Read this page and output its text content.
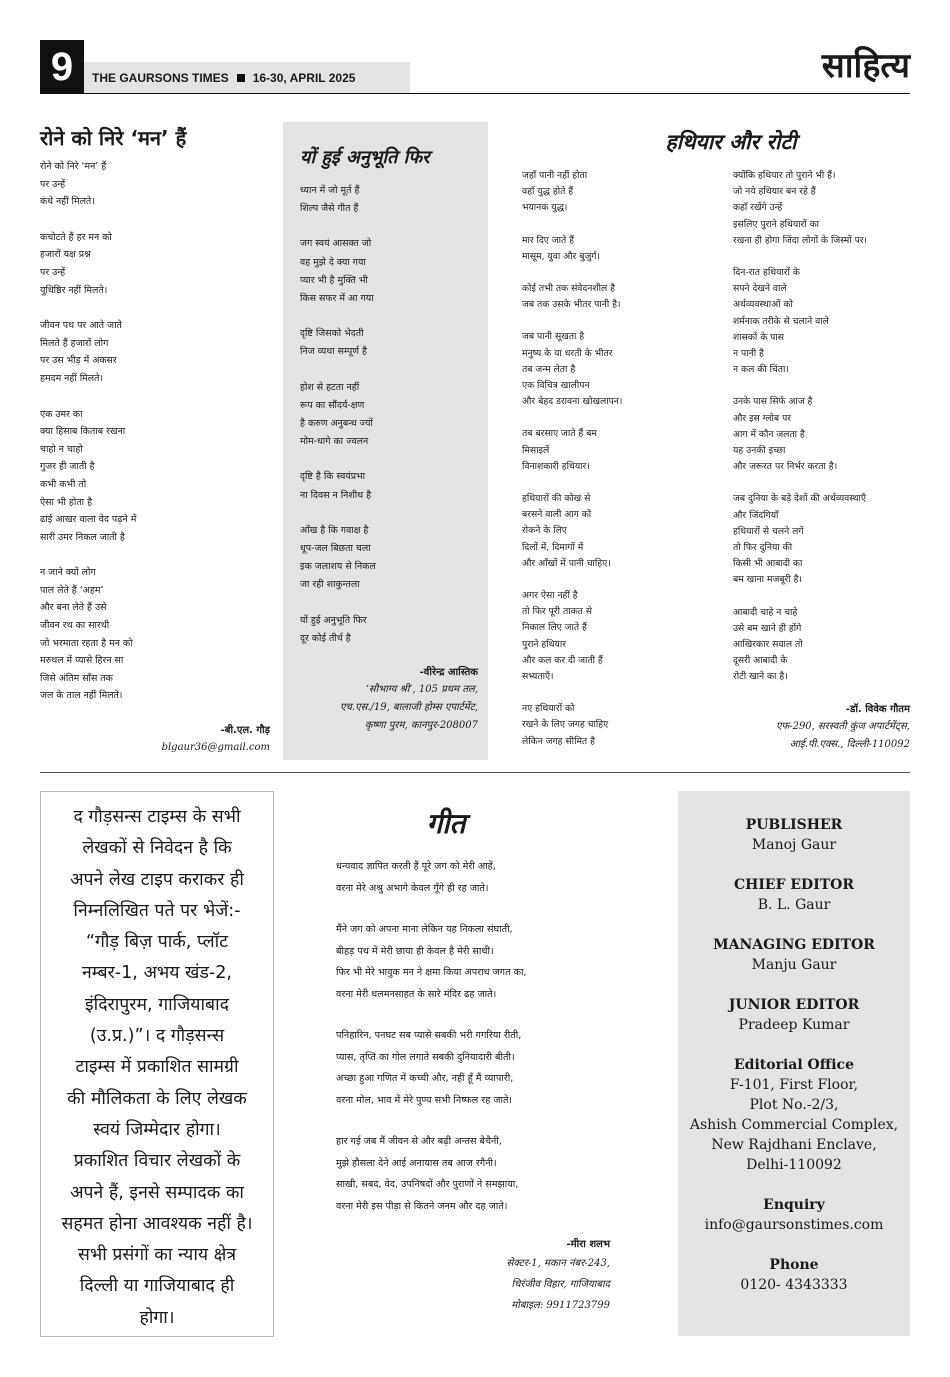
9	THE GAURSONS TIMES 16-30, APRIL 2025	साहित्य
रोने को निरे ‘मन’ हैं
रोने को निरे ‘मन’ हैं
पर उन्हें
कंधे नहीं मिलते।
कचोटते हैं हर मन को
हजारों यक्ष प्रश्न
पर उन्हें
युधिष्ठिर नहीं मिलते।
जीवन पथ पर आते जाते
मिलते हैं हजारों लोग
पर उस भीड़ में अकसर
हमदम नहीं मिलते।
एक उमर का
क्या हिसाब किताब रखना
चाहो न चाहो
गुजर ही जाती है
कभी कभी तो
ऐसा भी होता है
ढाई आखर वाला वेद पढ़ने में
सारी उमर निकल जाती है
न जाने क्यों लोग
पाल लेते हैं ‘अहम’
और बना लेते हैं उसे
जीवन रथ का सारथी
जो भरमाता रहता है मन को
मरुथल में प्यासे हिरन सा
जिसे अंतिम साँस तक
जल के ताल नहीं मिलते।
-बी.एल. गौड़
blgaur36@gmail.com
यों हुई अनुभूति फिर
ध्यान में जो मूर्त हैं
शिल्प जैसे गीत हैं
जग स्वयं आसक्त जो
वह मुझे दे क्या गया
प्यार भी है मुक्ति भी
किस सफर में आ गया
दृष्टि जिसको भेदती
निज व्यथा सम्पूर्ण है
होश से हटता नहीं
रूप का सौंदर्य-क्षण
है करुण अनुबन्ध ज्यों
मोम-धागे का ज्वलन
दृष्टि है कि स्वयंप्रभा
ना दिवस न निशीथ है
आँख है कि गवाक्ष है
धूप-जल बिछता चला
इक जलाशय से निकल
जा रही शाकुन्तला
यों हुई अनुभूति फिर
दूर कोई तीर्थ है
-वीरेन्द्र आस्तिक
‘सौभाग्य श्री’, 105 प्रथम तल,
एच.एस./19, बालाजी होम्स एपार्टमेंट,
कृष्णा पुरम, कानपुर-208007
हथियार और रोटी
जहाँ पानी नहीं होता
वहाँ युद्ध होते हैं
भयानक युद्ध।
मार दिए जाते हैं
मासूम, युवा और बुजुर्ग।
कोई तभी तक संवेदनशील है
जब तक उसके भीतर पानी है।
जब पानी सूखता है
मनुष्य के या धरती के भीतर
तब जन्म लेता है
एक विचित्र खालीपन
और बेहद डरावना खोखलापन।
तब बरसाए जाते हैं बम
मिसाइलें
विनाशकारी हथियार।
हथियारों की कोख से
बरसने वाली आग को
रोकने के लिए
दिलों में, दिमागों में
और आँखों में पानी चाहिए।
अगर ऐसा नहीं है
तो फिर पूरी ताकत से
निकाल लिए जाते हैं
पुराने हथियार
और कल कर दी जाती हैं
सभ्यताएँ।
नए हथियारों को
रखने के लिए जगह चाहिए
लेकिन जगह सीमित है
क्योंकि हथियार तो पुराने भी हैं।
जो नये हथियार बन रहे हैं
कहाँ रखेंगे उन्हें
इसलिए पुराने हथियारों का
रखना ही होगा जिंदा लोगों के जिस्मों पर।
दिन-रात हथियारों के
सपने देखने वाले
अर्थव्यवस्थाओं को
शर्मनाक तरीके से चलाने वाले
शासकों के पास
न पानी है
न कल की चिंता।
उनके पास सिर्फ आज है
और इस ग्लोब पर
आग में कौन जलता है
यह उनकी इच्छा
और जरूरत पर निर्भर करता है।
जब दुनिया के बड़े देशों की अर्थव्यवस्थाएँ
और जिंदगियाँ
हथियारों से चलने लगें
तो फिर दुनिया की
किसी भी आबादी का
बम खाना मजबूरी है।
आबादी चाहे न चाहे
उसे बम खाने ही होंगे
आखिरकार सवाल तो
दूसरी आबादी के
रोटी खाने का है।
-डॉ. विवेक गौतम
एफ-290, सरस्वती कुंज अपार्टमेंट्स,
आई.पी.एक्स., दिल्ली-110092
द गौड़सन्स टाइम्स के सभी
लेखकों से निवेदन है कि
अपने लेख टाइप कराकर ही
निम्नलिखित पते पर भेजें:-
“गौड़ बिज़ पार्क, प्लॉट
नम्बर-1, अभय खंड-2,
इंदिरापुरम, गाजियाबाद
(उ.प्र.)”। द गौड़सन्स
टाइम्स में प्रकाशित सामग्री
की मौलिकता के लिए लेखक
स्वयं जिम्मेदार होगा।
प्रकाशित विचार लेखकों के
अपने हैं, इनसे सम्पादक का
सहमत होना आवश्यक नहीं है।
सभी प्रसंगों का न्याय क्षेत्र
दिल्ली या गाजियाबाद ही
होगा।
गीत
धन्यवाद ज्ञापित करती हैं पूरे जग को मेरी आहें,
वरना मेरे अश्रु अभागे केवल गूँगे ही रह जाते।
मैंने जग को अपना माना लेकिन यह निकला संघाती,
बीहड़ पथ में मेरी छाया ही केवल है मेरी साथी।
फिर भी मेरे भावुक मन ने क्षमा किया अपराध जगत का,
वरना मेरी धलमनसाहत के सारे मंदिर ढह जाते।
पनिहारिन, पनघट सब प्यासे सबकी भरी गगरिया रीती,
प्यास, तृप्ति का गोल लगाते सबकी दुनियादारी बीती।
अच्छा हुआ गणित में कच्ची और, नहीं हूँ मैं व्यापारी,
वरना मोल, भाव में मेरे पुण्य सभी निष्फल रह जाते।
हार गई जब मैं जीवन से और बढ़ी अन्तस बेचैनी,
मुझे हौसला देने आई अनायास तब आज रगैनी।
साखी, सबद, वेद, उपनिषदों और पुराणों ने समझाया,
वरना मेरी इस पीड़ा से कितने जनम और दह जाते।
-मीरा शलभ
सेक्टर-1, मकान नंबर-243,
चिरंजीव विहार, गाजियाबाद
मोबाइल: 9911723799
PUBLISHER
Manoj Gaur
CHIEF EDITOR
B. L. Gaur
MANAGING EDITOR
Manju Gaur
JUNIOR EDITOR
Pradeep Kumar
Editorial Office
F-101, First Floor,
Plot No.-2/3,
Ashish Commercial Complex,
New Rajdhani Enclave,
Delhi-110092
Enquiry
info@gaursonstimes.com
Phone
0120- 4343333
